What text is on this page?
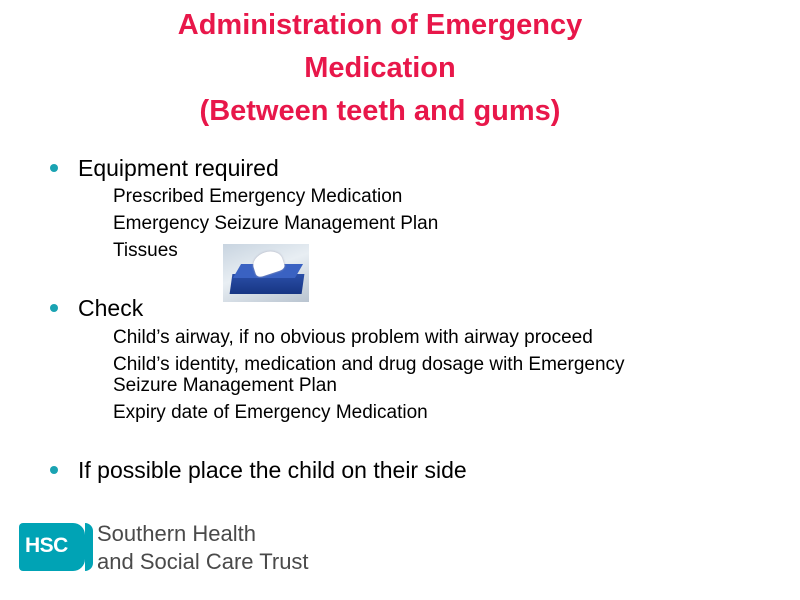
Administration of Emergency
Medication
(Between teeth and gums)
Equipment required
Prescribed Emergency Medication
Emergency Seizure Management Plan
Tissues
Check
Child’s airway, if no obvious problem with airway proceed
Child’s identity, medication and drug dosage with Emergency
Seizure Management Plan
Expiry date of Emergency Medication
If possible place the child on their side
HSC Southern Health
and Social Care Trust
